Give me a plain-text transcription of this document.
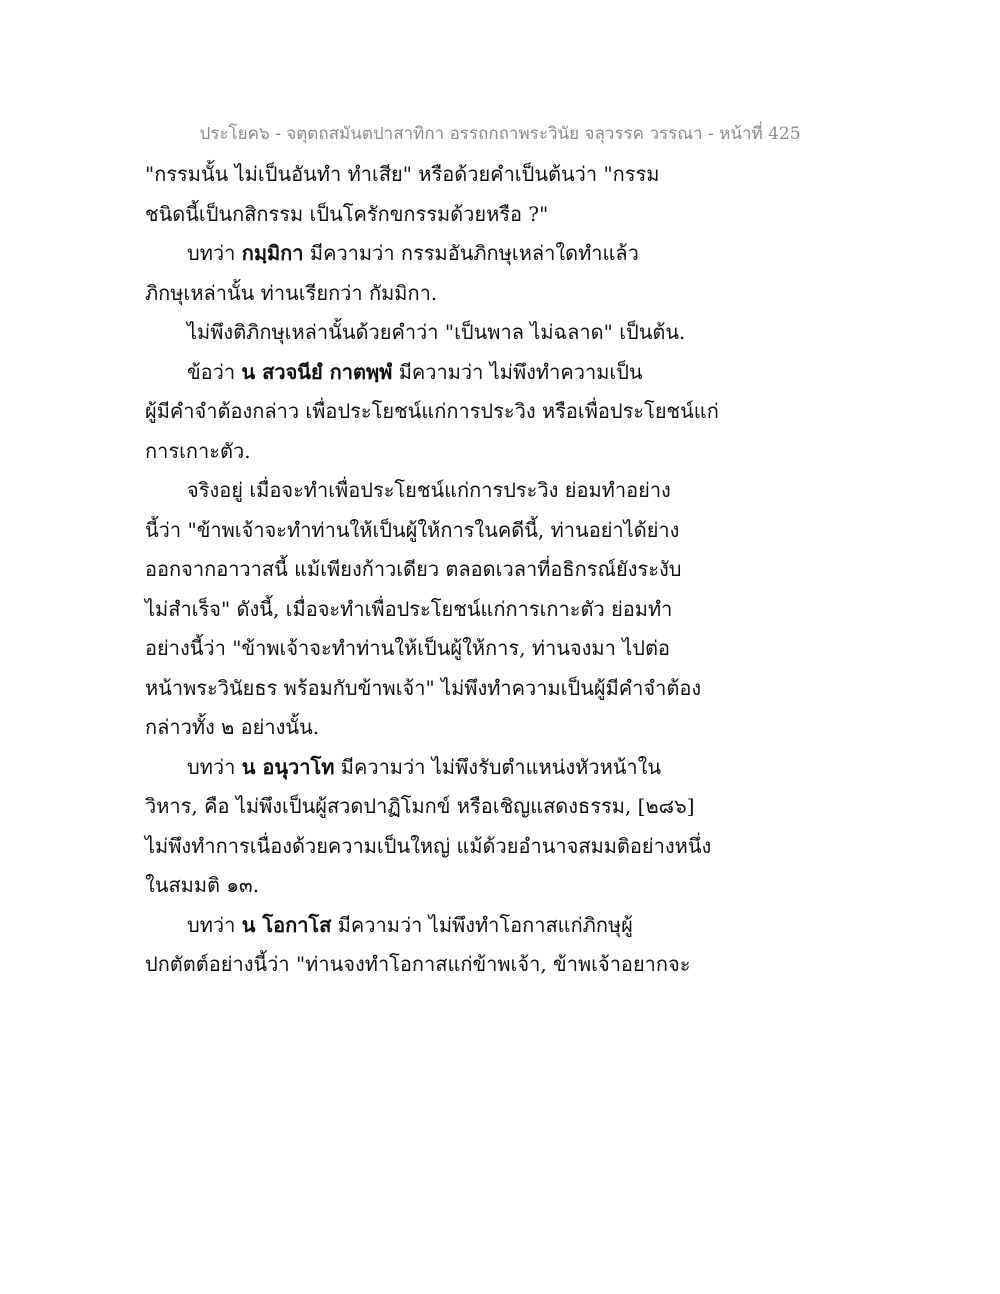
ประโยค๖ - จตุตถสมันตปาสาทิกา อรรถกถาพระวินัย จลุวรรค วรรณา - หน้าที่ 425
"กรรมนั้น ไม่เป็นอันทำ ทำเสีย" หรือด้วยคำเป็นต้นว่า "กรรม
ชนิดนี้เป็นกสิกรรม เป็นโครักขกรรมด้วยหรือ ?"
บทว่า กมฺมิกา มีความว่า กรรมอันภิกษุเหล่าใดทำแล้ว
ภิกษุเหล่านั้น ท่านเรียกว่า กัมมิกา.
ไม่พึงติภิกษุเหล่านั้นด้วยคำว่า "เป็นพาล ไม่ฉลาด" เป็นต้น.
ข้อว่า น สวจนียํ กาตพฺพํ มีความว่า ไม่พึงทำความเป็น
ผู้มีคำจำต้องกล่าว เพื่อประโยชน์แก่การประวิง หรือเพื่อประโยชน์แก่
การเกาะตัว.
จริงอยู่ เมื่อจะทำเพื่อประโยชน์แก่การประวิง ย่อมทำอย่าง
นี้ว่า "ข้าพเจ้าจะทำท่านให้เป็นผู้ให้การในคดีนี้, ท่านอย่าได้ย่าง
ออกจากอาวาสนี้ แม้เพียงก้าวเดียว ตลอดเวลาที่อธิกรณ์ยังระงับ
ไม่สำเร็จ" ดังนี้, เมื่อจะทำเพื่อประโยชน์แก่การเกาะตัว ย่อมทำ
อย่างนี้ว่า "ข้าพเจ้าจะทำท่านให้เป็นผู้ให้การ, ท่านจงมา ไปต่อ
หน้าพระวินัยธร พร้อมกับข้าพเจ้า" ไม่พึงทำความเป็นผู้มีคำจำต้อง
กล่าวทั้ง ๒ อย่างนั้น.
บทว่า น อนุวาโท มีความว่า ไม่พึงรับตำแหน่งหัวหน้าใน
วิหาร, คือ ไม่พึงเป็นผู้สวดปาฏิโมกข์ หรือเชิญแสดงธรรม, [๒๘๖]
ไม่พึงทำการเนื่องด้วยความเป็นใหญ่ แม้ด้วยอำนาจสมมติอย่างหนึ่ง
ในสมมติ ๑๓.
บทว่า น โอกาโส มีความว่า ไม่พึงทำโอกาสแก่ภิกษุผู้
ปกตัตต์อย่างนี้ว่า "ท่านจงทำโอกาสแก่ข้าพเจ้า, ข้าพเจ้าอยากจะ
